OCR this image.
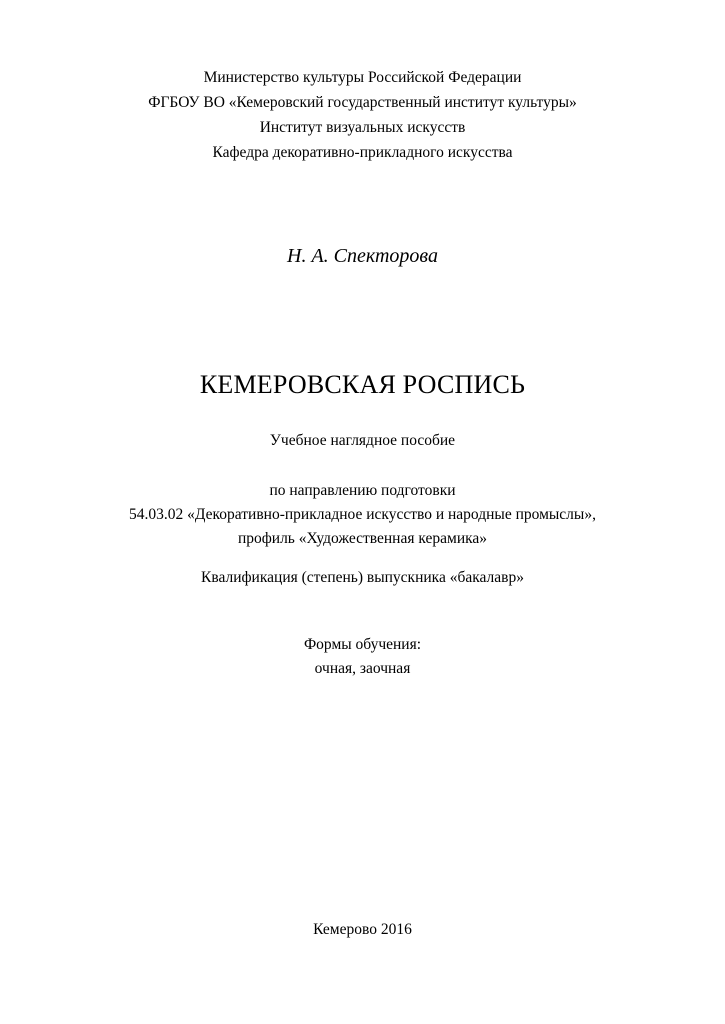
Министерство культуры Российской Федерации
ФГБОУ ВО «Кемеровский государственный институт культуры»
Институт визуальных искусств
Кафедра декоративно-прикладного искусства
Н. А. Спекторова
КЕМЕРОВСКАЯ РОСПИСЬ
Учебное наглядное пособие
по направлению подготовки
54.03.02 «Декоративно-прикладное искусство и народные промыслы»,
профиль «Художественная керамика»
Квалификация (степень) выпускника «бакалавр»
Формы обучения:
очная, заочная
Кемерово 2016
